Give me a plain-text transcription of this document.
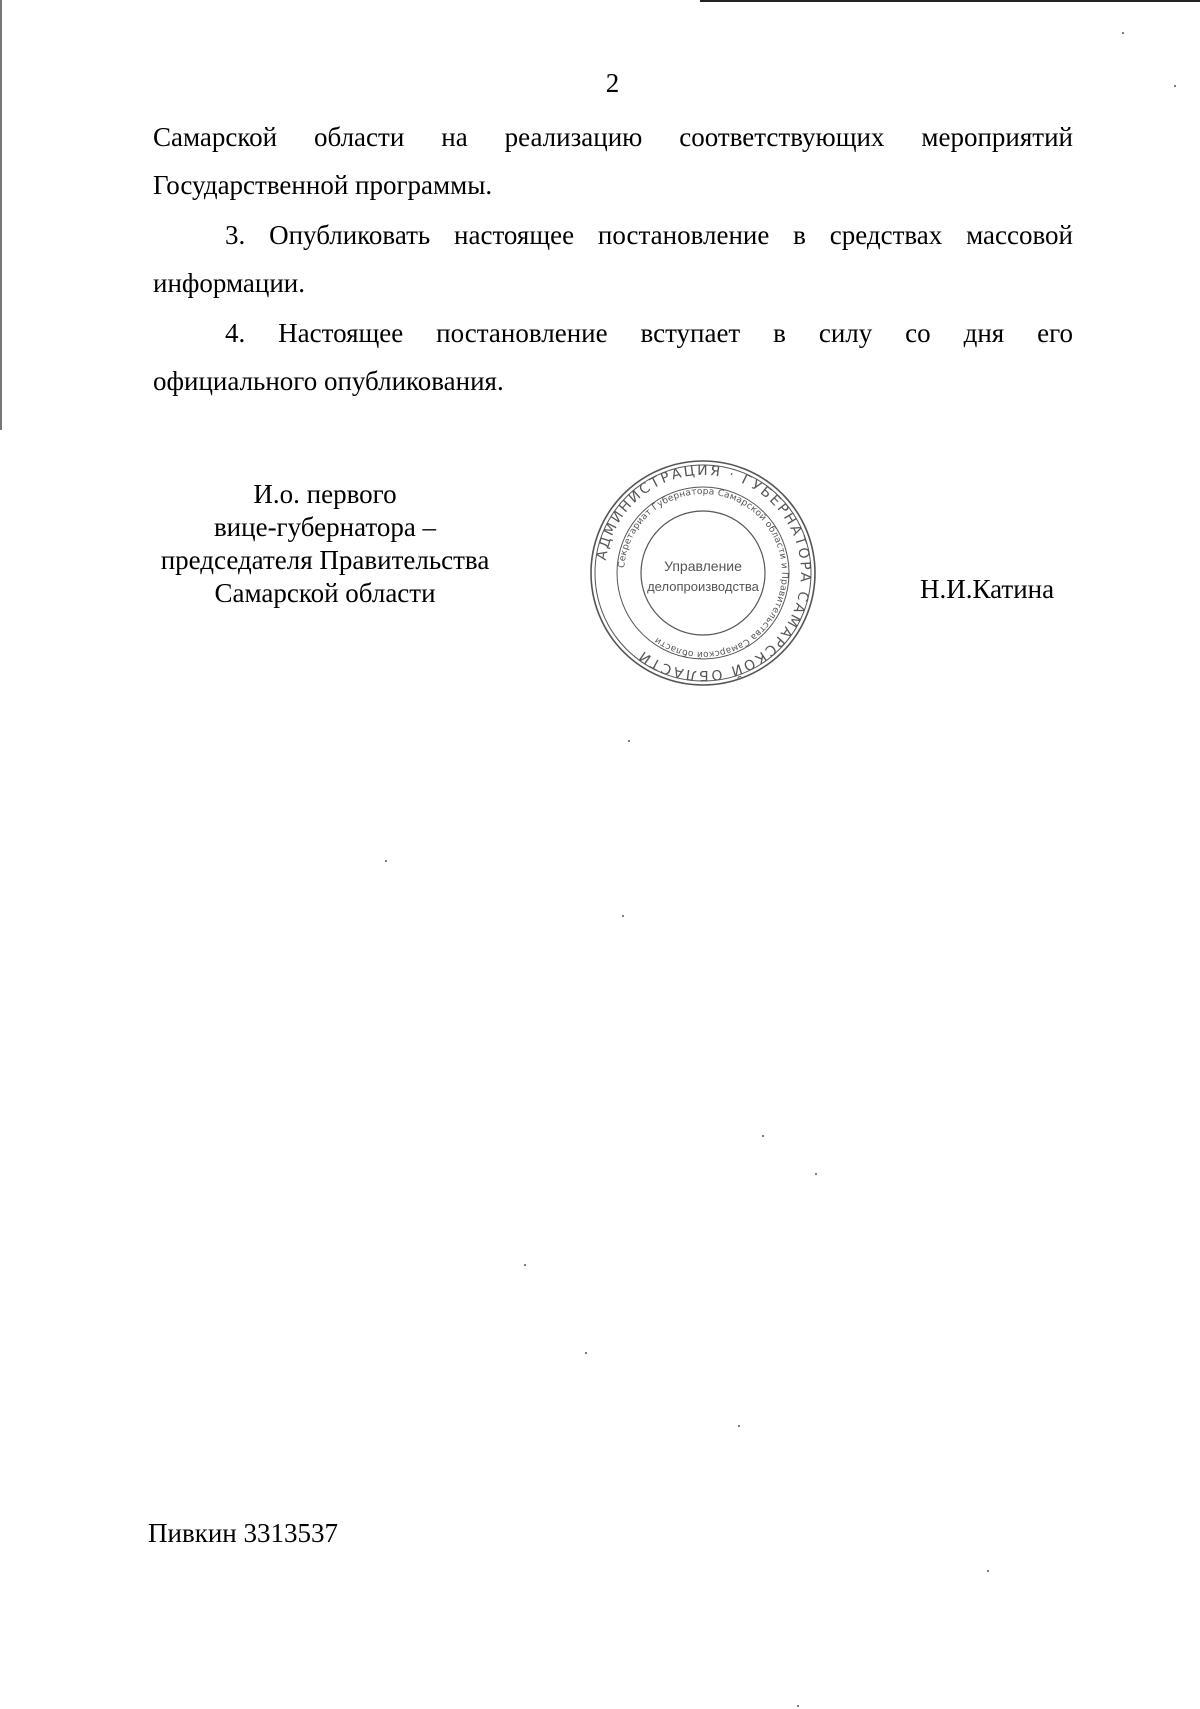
2
Самарской области на реализацию соответствующих мероприятий
Государственной программы.
3. Опубликовать настоящее постановление в средствах массовой
информации.
4. Настоящее постановление вступает в силу со дня его
официального опубликования.
И.о. первого
вице-губернатора –
председателя Правительства
Самарской области
АДМИНИСТРАЦИЯ · ГУБЕРНАТОРА САМАРСКОЙ ОБЛАСТИ
Секретариат Губернатора Самарской области и Правительства Самарской области
Управление
делопроизводства	Н.И.Катина
Пивкин 3313537
